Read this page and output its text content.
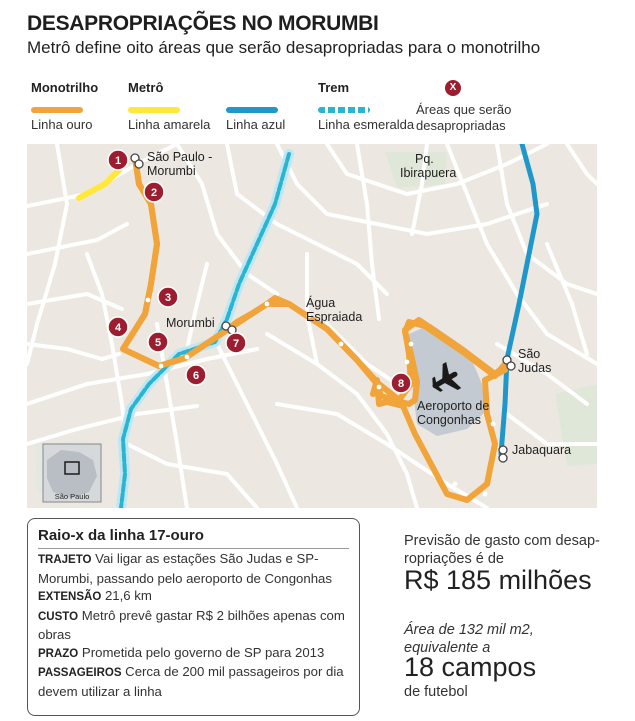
DESAPROPRIAÇÕES NO MORUMBI
Metrô define oito áreas que serão desapropriadas para o monotrilho
Monotrilho
Linha ouro
Metrô
Linha amarela Linha azul
Trem
Linha esmeralda
X
Áreas que serão
desapropriadas
1
2
3
4
5
6
7
8
São Paulo -
Morumbi
Morumbi
Água
Espraiada
São
Judas
Jabaquara
Pq.
Ibirapuera
Aeroporto de
Congonhas
São Paulo
Raio-x da linha 17-ouro
TRAJETO Vai ligar as estações São Judas e SP-
Morumbi, passando pelo aeroporto de Congonhas
EXTENSÃO 21,6 km
CUSTO Metrô prevê gastar R$ 2 bilhões apenas com
obras
PRAZO Prometida pelo governo de SP para 2013
PASSAGEIROS Cerca de 200 mil passageiros por dia
devem utilizar a linha
Previsão de gasto com desap-
ropriações é de
R$ 185 milhões
Área de 132 mil m2,
equivalente a
18 campos
de futebol
